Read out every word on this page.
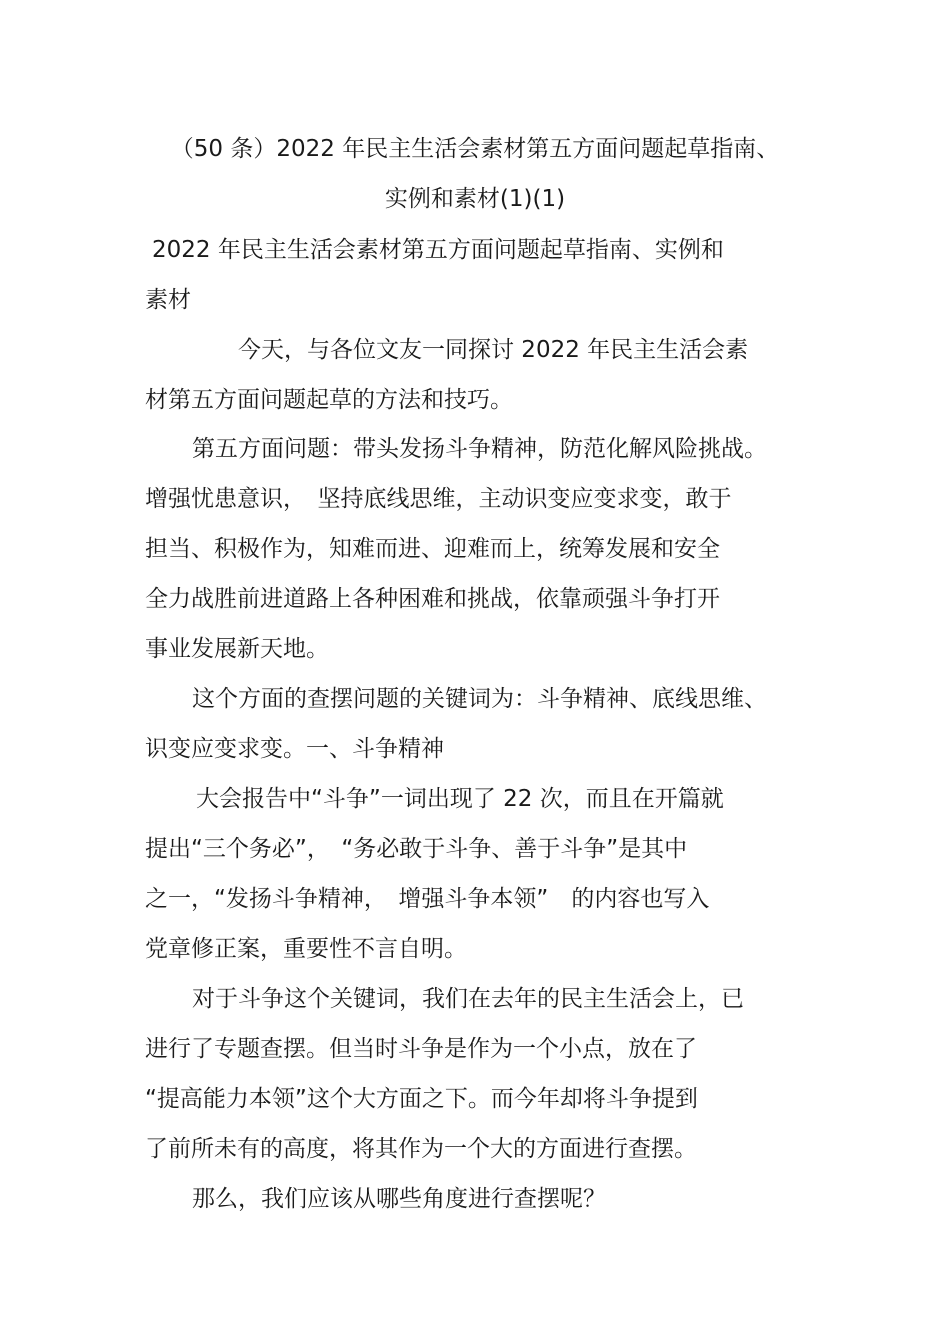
（50 条）2022 年民主生活会素材第五方面问题起草指南、
实例和素材(1)(1)
2022 年民主生活会素材第五方面问题起草指南、实例和
素材
今天，与各位文友一同探讨 2022 年民主生活会素
材第五方面问题起草的方法和技巧。
第五方面问题：带头发扬斗争精神，防范化解风险挑战。
增强忧患意识，　坚持底线思维，主动识变应变求变，敢于
担当、积极作为，知难而进、迎难而上，统筹发展和安全
全力战胜前进道路上各种困难和挑战，依靠顽强斗争打开
事业发展新天地。
这个方面的查摆问题的关键词为：斗争精神、底线思维、
识变应变求变。一、斗争精神
大会报告中“斗争”一词出现了 22 次，而且在开篇就
提出“三个务必”，　“务必敢于斗争、善于斗争”是其中
之一，“发扬斗争精神，　增强斗争本领”　的内容也写入
党章修正案，重要性不言自明。
对于斗争这个关键词，我们在去年的民主生活会上，已
进行了专题查摆。但当时斗争是作为一个小点，放在了
“提高能力本领”这个大方面之下。而今年却将斗争提到
了前所未有的高度，将其作为一个大的方面进行查摆。
那么，我们应该从哪些角度进行查摆呢？
